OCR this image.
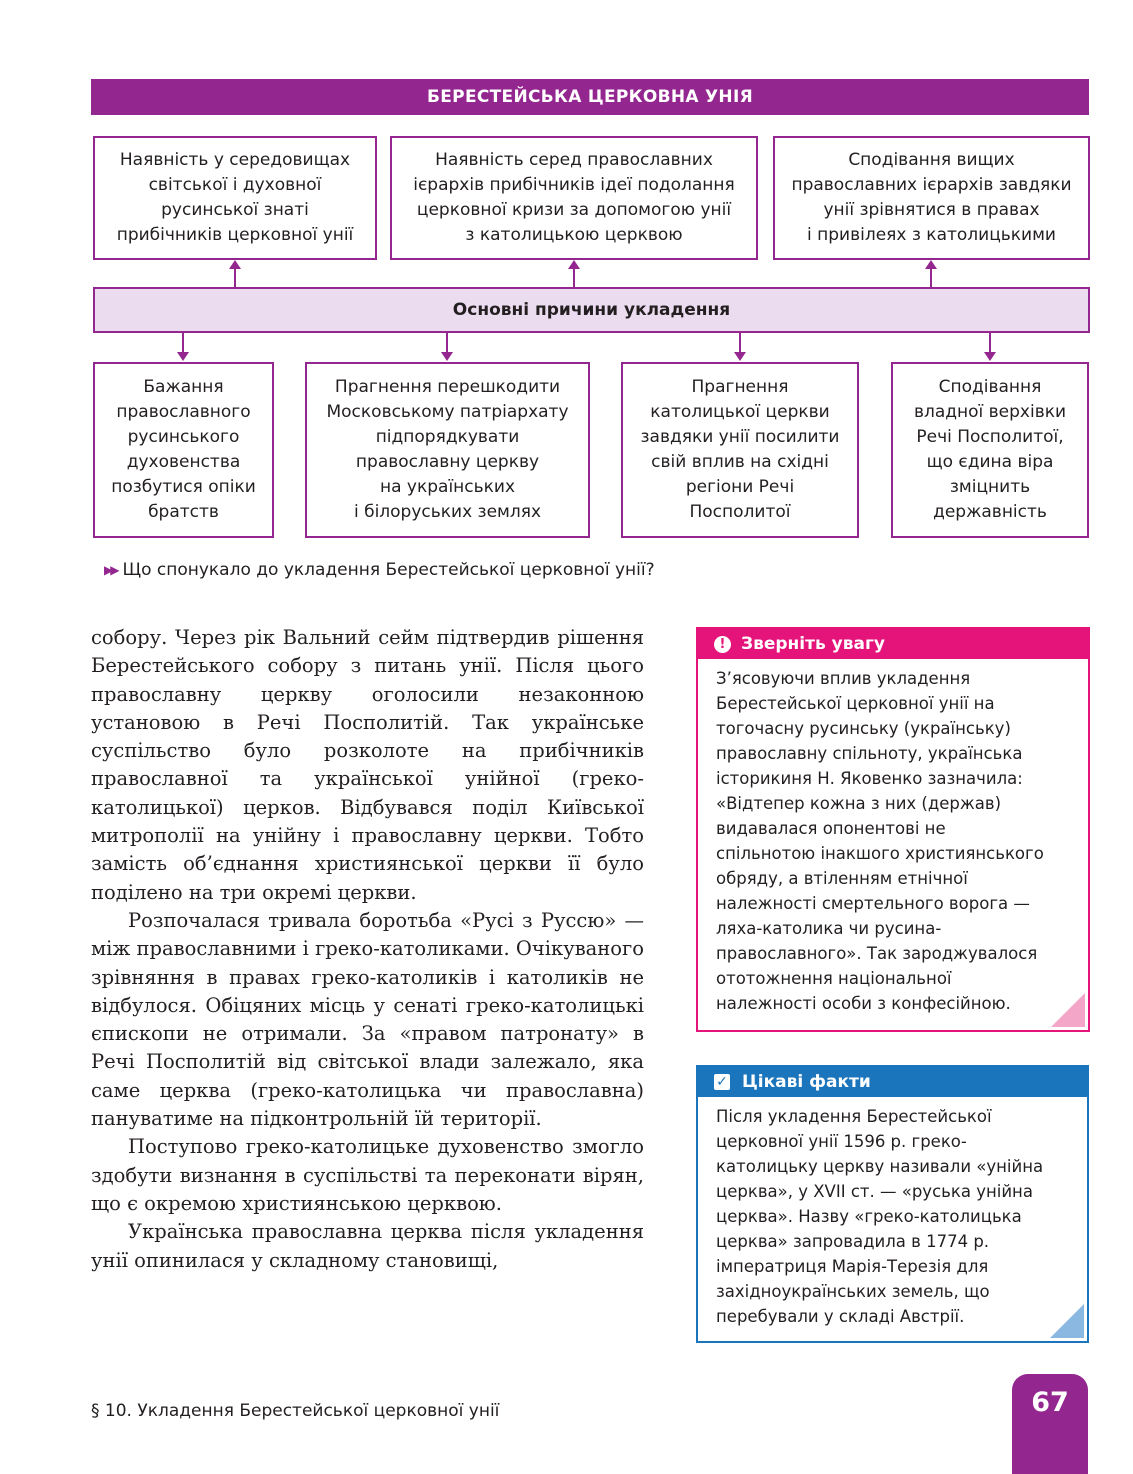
БЕРЕСТЕЙСЬКА ЦЕРКОВНА УНІЯ
Наявність у середовищах
світської і духовної
русинської знаті
прибічників церковної унії
Наявність серед православних
ієрархів прибічників ідеї подолання
церковної кризи за допомогою унії
з католицькою церквою
Сподівання вищих
православних ієрархів завдяки
унії зрівнятися в правах
і привілеях з католицькими
Основні причини укладення
Бажання
православного
русинського
духовенства
позбутися опіки
братств
Прагнення перешкодити
Московському патріархату
підпорядкувати
православну церкву
на українських
і білоруських землях
Прагнення
католицької церкви
завдяки унії посилити
свій вплив на східні
регіони Речі
Посполитої
Сподівання
владної верхівки
Речі Посполитої,
що єдина віра
зміцнить
державність
▶▶ Що спонукало до укладення Берестейської церковної унії?

собору. Через рік Вальний сейм підтвердив рішення Берестейського собору з питань унії. Після цього православну церкву оголосили незаконною установою в Речі Посполитій. Так українське суспільство було розколоте на прибічників православної та української унійної (греко-католицької) церков. Відбувався поділ Київської митрополії на унійну і православну церкви. Тобто замість об’єднання християнської церкви її було поділено на три окремі церкви.

Розпочалася тривала боротьба «Русі з Руссю» — між православними і греко-католиками. Очікуваного зрівняння в правах греко-католиків і католиків не відбулося. Обіцяних місць у сенаті греко-католицькі єпископи не отримали. За «правом патронату» в Речі Посполитій від світської влади залежало, яка саме церква (греко-католицька чи православна) пануватиме на підконтрольній їй території.

Поступово греко-католицьке духовенство змогло здобути визнання в суспільстві та переконати вірян, що є окремою християнською церквою.

Українська православна церква після укладення унії опинилася у складному становищі,

! Зверніть увагу
З’ясовуючи вплив укладення
Берестейської церковної унії на
тогочасну русинську (українську)
православну спільноту, українська
історикиня Н. Яковенко зазначила:
«Відтепер кожна з них (держав)
видавалася опонентові не
спільнотою інакшого християнського
обряду, а втіленням етнічної
належності смертельного ворога —
ляха-католика чи русина-
православного». Так зароджувалося
ототожнення національної
належності особи з конфесійною.
✓ Цікаві факти
Після укладення Берестейської
церковної унії 1596 р. греко-
католицьку церкву називали «унійна
церква», у XVII ст. — «руська унійна
церква». Назву «греко-католицька
церква» запровадила в 1774 р.
імператриця Марія-Терезія для
західноукраїнських земель, що
перебували у складі Австрії.
§ 10. Укладення Берестейської церковної унії	67
